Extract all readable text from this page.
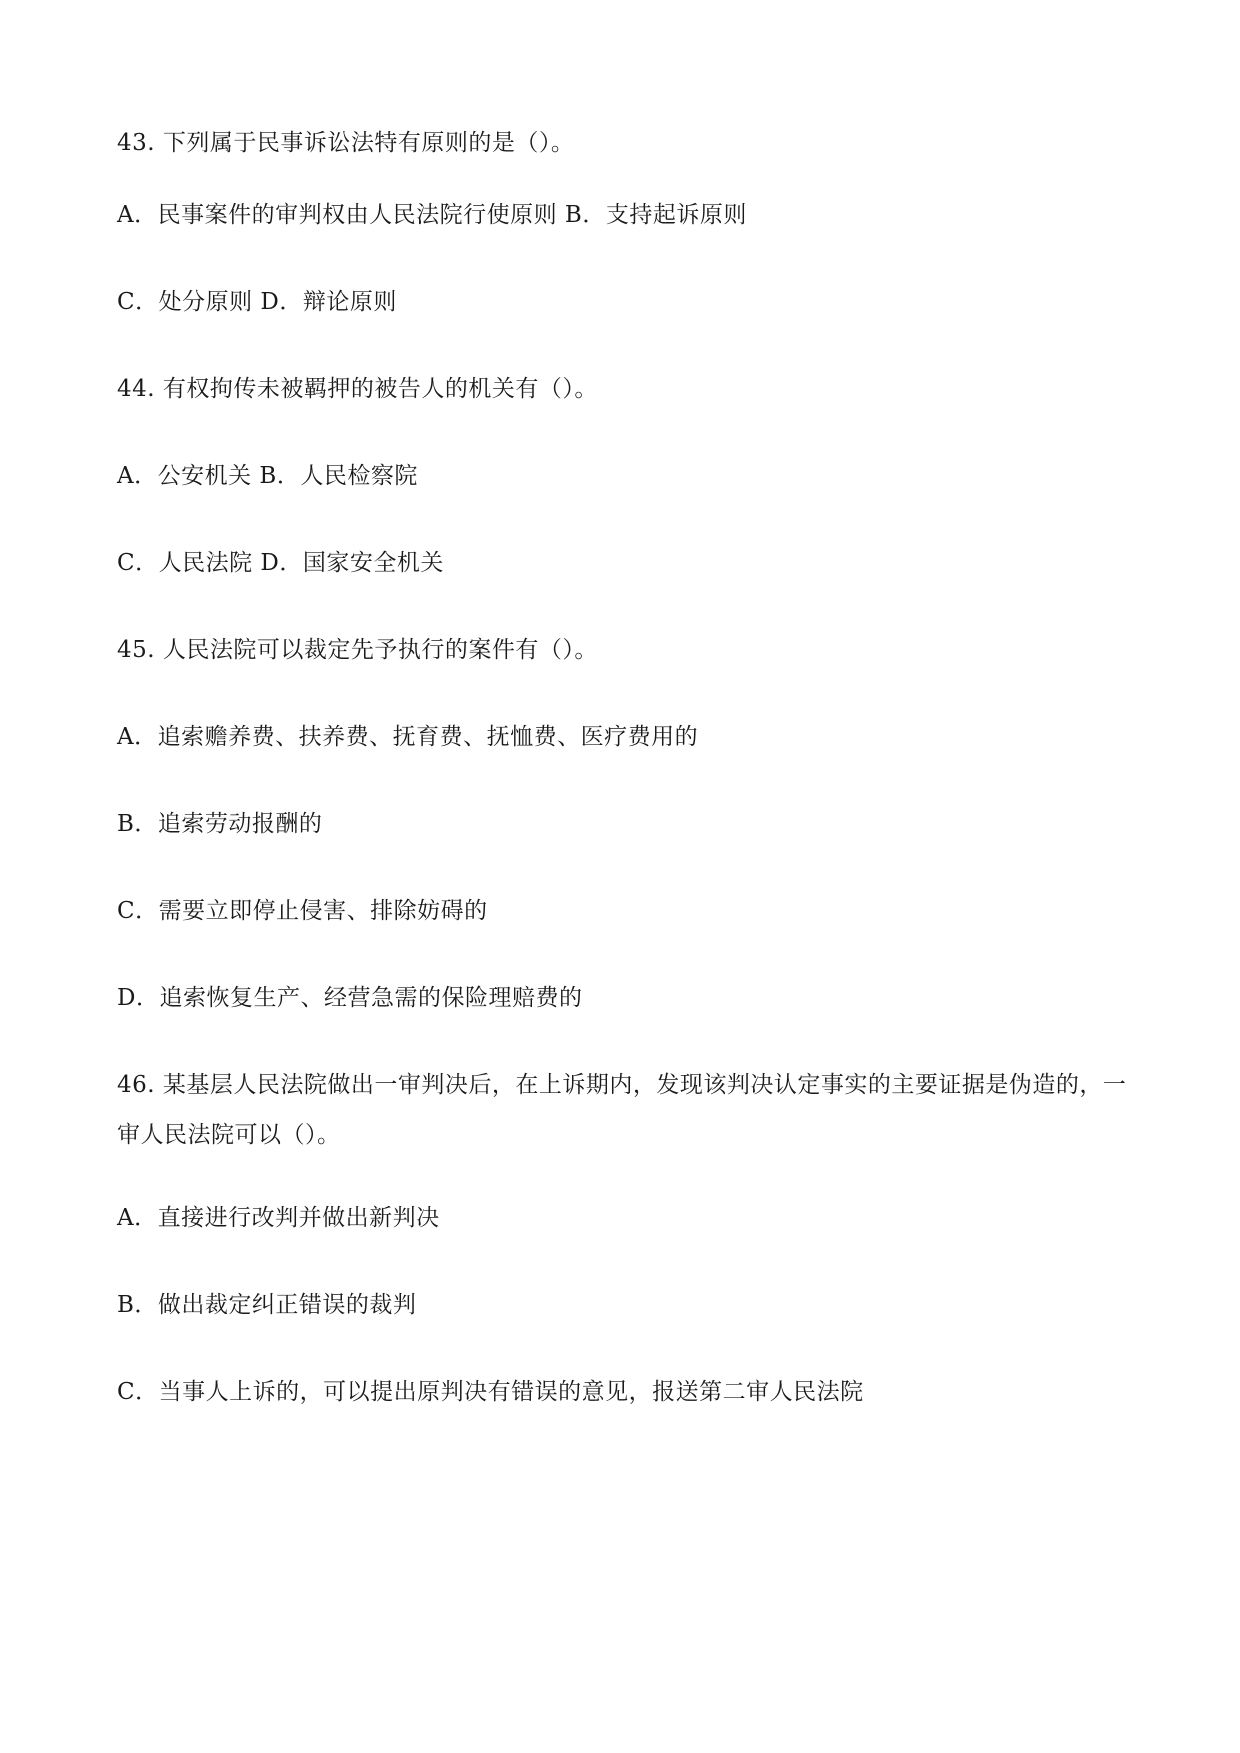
43. 下列属于民事诉讼法特有原则的是（）。
A．民事案件的审判权由人民法院行使原则 B．支持起诉原则
C．处分原则 D．辩论原则
44. 有权拘传未被羁押的被告人的机关有（）。
A．公安机关 B．人民检察院
C．人民法院 D．国家安全机关
45. 人民法院可以裁定先予执行的案件有（）。
A．追索赡养费、扶养费、抚育费、抚恤费、医疗费用的
B．追索劳动报酬的
C．需要立即停止侵害、排除妨碍的
D．追索恢复生产、经营急需的保险理赔费的
46. 某基层人民法院做出一审判决后，在上诉期内，发现该判决认定事实的主要证据是伪造的，一审人民法院可以（）。
A．直接进行改判并做出新判决
B．做出裁定纠正错误的裁判
C．当事人上诉的，可以提出原判决有错误的意见，报送第二审人民法院
